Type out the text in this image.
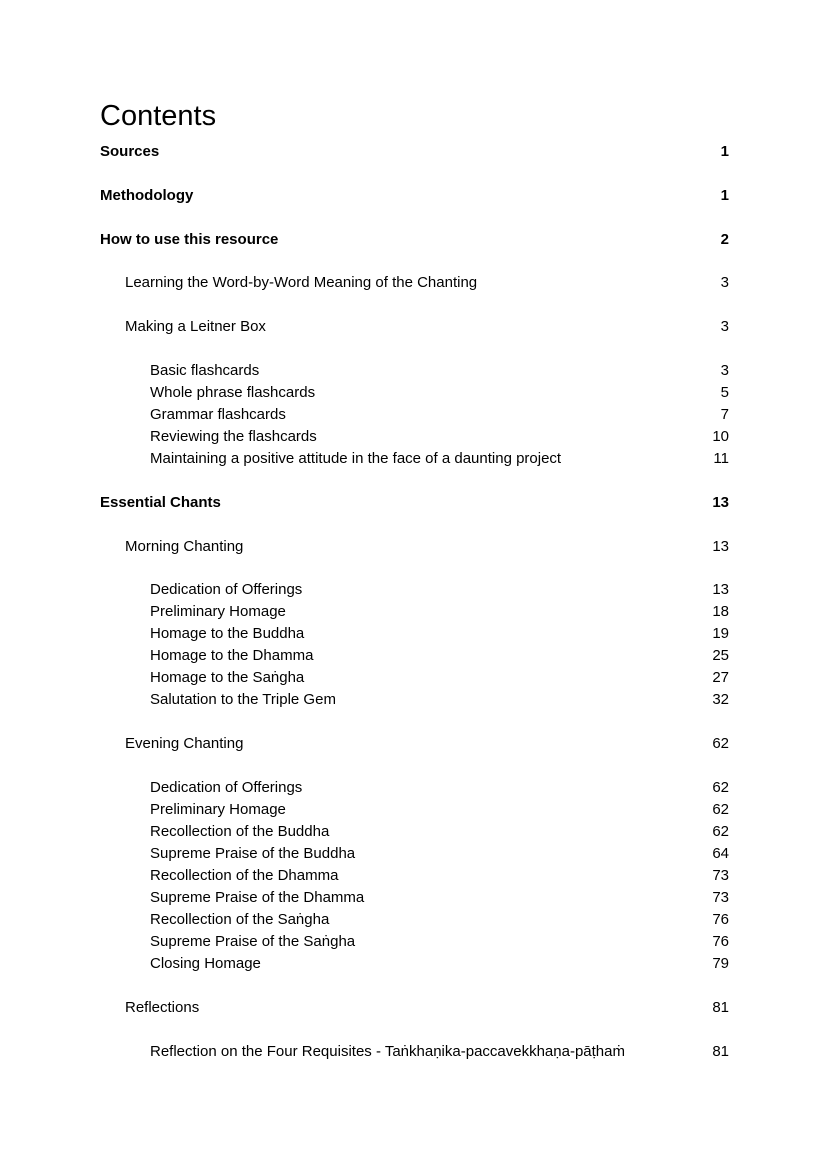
Contents
Sources	1
Methodology	1
How to use this resource	2
Learning the Word-by-Word Meaning of the Chanting	3
Making a Leitner Box	3
Basic flashcards	3
Whole phrase flashcards	5
Grammar flashcards	7
Reviewing the flashcards	10
Maintaining a positive attitude in the face of a daunting project	11
Essential Chants	13
Morning Chanting	13
Dedication of Offerings	13
Preliminary Homage	18
Homage to the Buddha	19
Homage to the Dhamma	25
Homage to the Saṅgha	27
Salutation to the Triple Gem	32
Evening Chanting	62
Dedication of Offerings	62
Preliminary Homage	62
Recollection of the Buddha	62
Supreme Praise of the Buddha	64
Recollection of the Dhamma	73
Supreme Praise of the Dhamma	73
Recollection of the Saṅgha	76
Supreme Praise of the Saṅgha	76
Closing Homage	79
Reflections	81
Reflection on the Four Requisites - Taṅkhaṇika-paccavekkhaṇa-pāṭhaṁ	81
